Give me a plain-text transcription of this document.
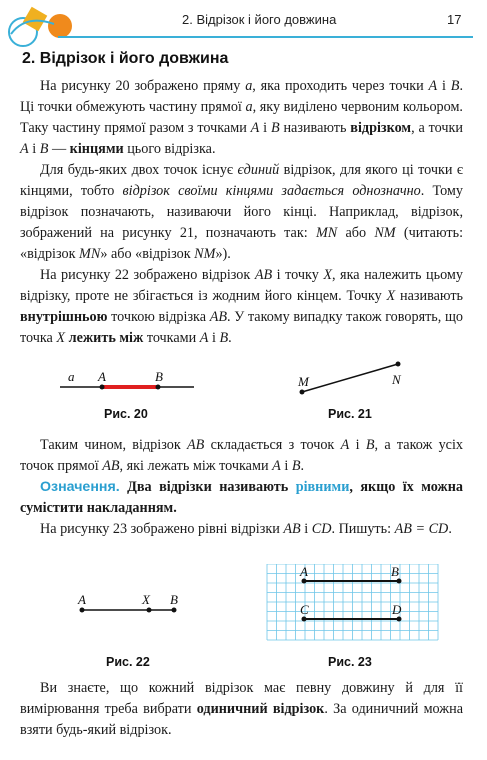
2. Відрізок і його довжина	17
2. Відрізок і його довжина

На рисунку 20 зображено пряму a, яка проходить через точки A і B. Ці точки обмежують частину прямої a, яку виділено червоним кольором. Таку частину прямої разом з точками A і B називають відрізком, а точки A і B — кінцями цього відрізка.

Для будь-яких двох точок існує єдиний відрізок, для якого ці точки є кінцями, тобто відрізок своїми кінцями задається однозначно. Тому відрізок позначають, називаючи його кінці. Наприклад, відрізок, зображений на рисунку 21, позначають так: MN або NM (читають: «відрізок MN» або «відрізок NM»).

На рисунку 22 зображено відрізок AB і точку X, яка належить цьому відрізку, проте не збігається із жодним його кінцем. Точку X називають внутрішньою точкою відрізка AB. У такому випадку також говорять, що точка X лежить між точками A і B.

a A	B
Рис. 20
M	N
Рис. 21

Таким чином, відрізок AB складається з точок A і B, а також усіх точок прямої AB, які лежать між точками A і B.

Означення. Два відрізки називають рівними, якщо їх можна сумістити накладанням.

На рисунку 23 зображено рівні відрізки AB і CD. Пишуть: AB = CD.

A	X B
Рис. 22
A	B
C	D
Рис. 23

Ви знаєте, що кожний відрізок має певну довжину й для її вимірювання треба вибрати одиничний відрізок. За одиничний можна взяти будь-який відрізок.
